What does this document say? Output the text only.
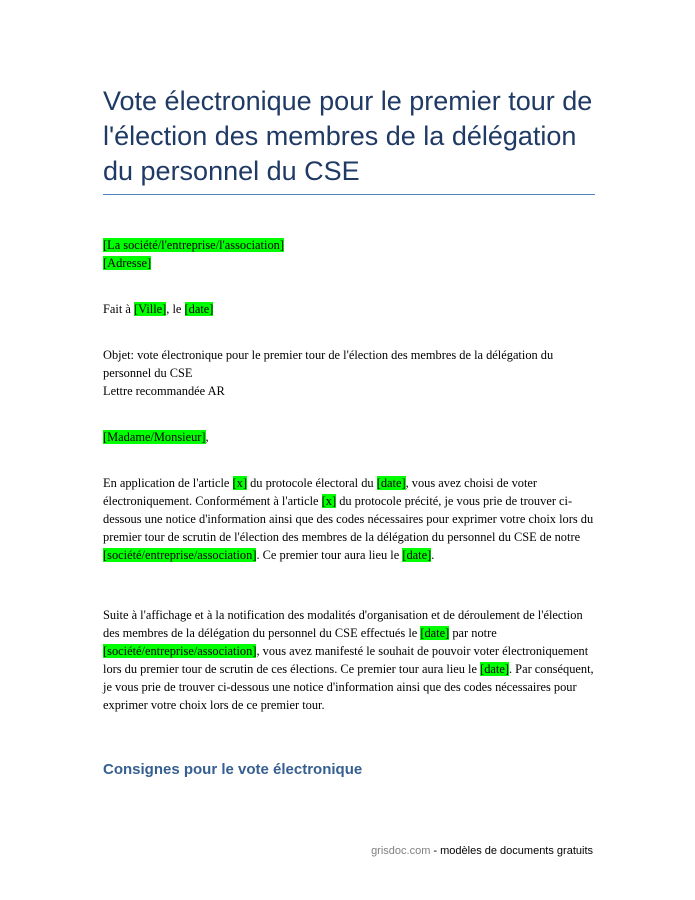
Vote électronique pour le premier tour de l'élection des membres de la délégation du personnel du CSE

[La société/l'entreprise/l'association]
[Adresse]

Fait à [Ville], le [date]

Objet: vote électronique pour le premier tour de l'élection des membres de la délégation du personnel du CSE
Lettre recommandée AR

[Madame/Monsieur],

En application de l'article [x] du protocole électoral du [date], vous avez choisi de voter électroniquement. Conformément à l'article [x] du protocole précité, je vous prie de trouver ci-dessous une notice d'information ainsi que des codes nécessaires pour exprimer votre choix lors du premier tour de scrutin de l'élection des membres de la délégation du personnel du CSE de notre [société/entreprise/association]. Ce premier tour aura lieu le [date].

Suite à l'affichage et à la notification des modalités d'organisation et de déroulement de l'élection des membres de la délégation du personnel du CSE effectués le [date] par notre [société/entreprise/association], vous avez manifesté le souhait de pouvoir voter électroniquement lors du premier tour de scrutin de ces élections. Ce premier tour aura lieu le [date]. Par conséquent, je vous prie de trouver ci-dessous une notice d'information ainsi que des codes nécessaires pour exprimer votre choix lors de ce premier tour.

Consignes pour le vote électronique
grisdoc.com - modèles de documents gratuits
